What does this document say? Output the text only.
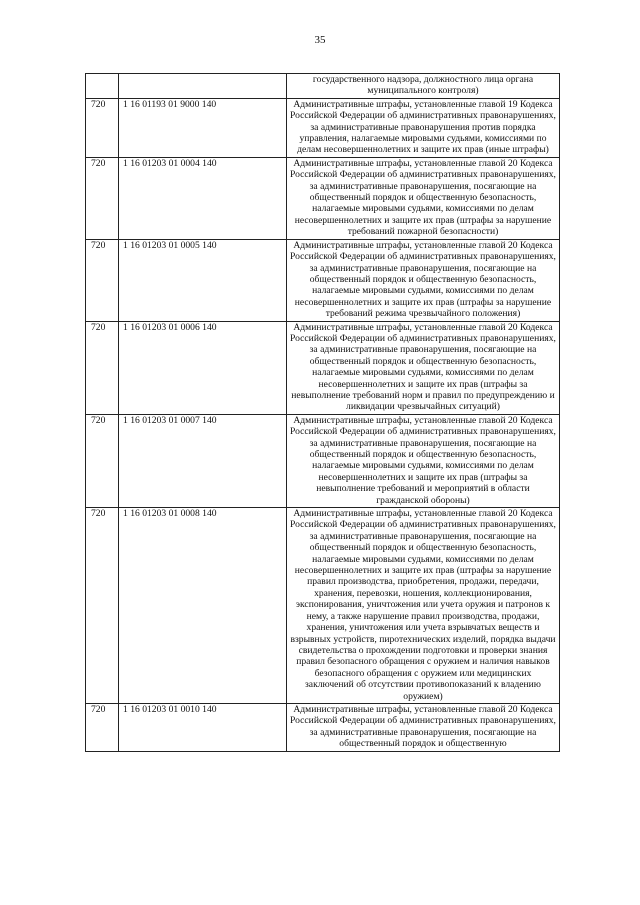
35
		государственного надзора, должностного лица органа муниципального контроля)
720	1 16 01193 01 9000 140	Административные штрафы, установленные главой 19 Кодекса Российской Федерации об административных правонарушениях, за административные правонарушения против порядка управления, налагаемые мировыми судьями, комиссиями по делам несовершеннолетних и защите их прав (иные штрафы)
720	1 16 01203 01 0004 140	Административные штрафы, установленные главой 20 Кодекса Российской Федерации об административных правонарушениях, за административные правонарушения, посягающие на общественный порядок и общественную безопасность, налагаемые мировыми судьями, комиссиями по делам несовершеннолетних и защите их прав (штрафы за нарушение требований пожарной безопасности)
720	1 16 01203 01 0005 140	Административные штрафы, установленные главой 20 Кодекса Российской Федерации об административных правонарушениях, за административные правонарушения, посягающие на общественный порядок и общественную безопасность, налагаемые мировыми судьями, комиссиями по делам несовершеннолетних и защите их прав (штрафы за нарушение требований режима чрезвычайного положения)
720	1 16 01203 01 0006 140	Административные штрафы, установленные главой 20 Кодекса Российской Федерации об административных правонарушениях, за административные правонарушения, посягающие на общественный порядок и общественную безопасность, налагаемые мировыми судьями, комиссиями по делам несовершеннолетних и защите их прав (штрафы за невыполнение требований норм и правил по предупреждению и ликвидации чрезвычайных ситуаций)
720	1 16 01203 01 0007 140	Административные штрафы, установленные главой 20 Кодекса Российской Федерации об административных правонарушениях, за административные правонарушения, посягающие на общественный порядок и общественную безопасность, налагаемые мировыми судьями, комиссиями по делам несовершеннолетних и защите их прав (штрафы за невыполнение требований и мероприятий в области гражданской обороны)
720	1 16 01203 01 0008 140	Административные штрафы, установленные главой 20 Кодекса Российской Федерации об административных правонарушениях, за административные правонарушения, посягающие на общественный порядок и общественную безопасность, налагаемые мировыми судьями, комиссиями по делам несовершеннолетних и защите их прав (штрафы за нарушение правил производства, приобретения, продажи, передачи, хранения, перевозки, ношения, коллекционирования, экспонирования, уничтожения или учета оружия и патронов к нему, а также нарушение правил производства, продажи, хранения, уничтожения или учета взрывчатых веществ и взрывных устройств, пиротехнических изделий, порядка выдачи свидетельства о прохождении подготовки и проверки знания правил безопасного обращения с оружием и наличия навыков безопасного обращения с оружием или медицинских заключений об отсутствии противопоказаний к владению оружием)
720	1 16 01203 01 0010 140	Административные штрафы, установленные главой 20 Кодекса Российской Федерации об административных правонарушениях, за административные правонарушения, посягающие на общественный порядок и общественную
